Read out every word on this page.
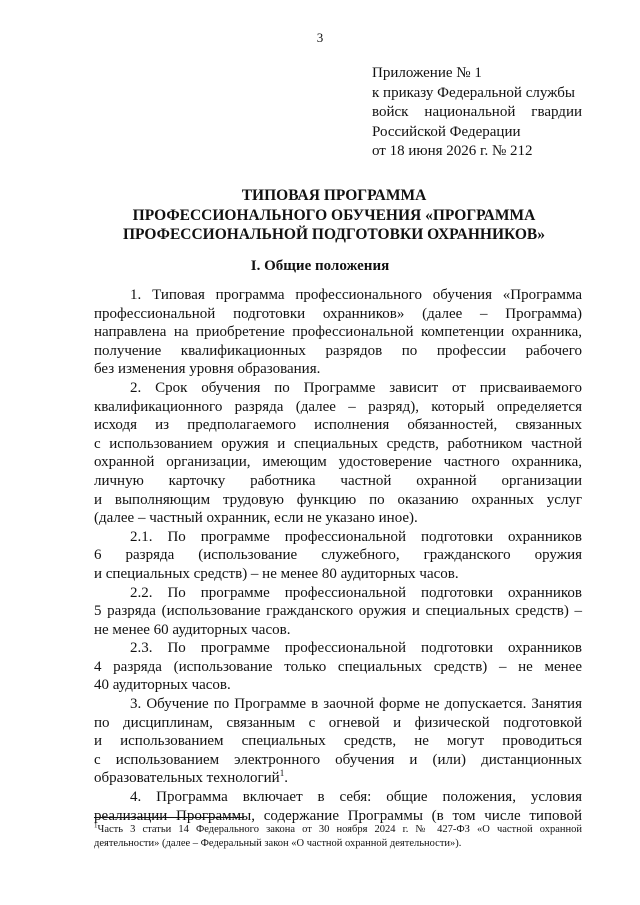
3
Приложение № 1
к приказу Федеральной службы
войск национальной гвардии
Российской Федерации
от 18 июня 2026 г. № 212
ТИПОВАЯ ПРОГРАММА
ПРОФЕССИОНАЛЬНОГО ОБУЧЕНИЯ «ПРОГРАММА
ПРОФЕССИОНАЛЬНОЙ ПОДГОТОВКИ ОХРАННИКОВ»
I. Общие положения
1. Типовая программа профессионального обучения «Программа
профессиональной подготовки охранников» (далее – Программа)
направлена на приобретение профессиональной компетенции охранника,
получение квалификационных разрядов по профессии рабочего
без изменения уровня образования.
2. Срок обучения по Программе зависит от присваиваемого
квалификационного разряда (далее – разряд), который определяется
исходя из предполагаемого исполнения обязанностей, связанных
с использованием оружия и специальных средств, работником частной
охранной организации, имеющим удостоверение частного охранника,
личную карточку работника частной охранной организации
и выполняющим трудовую функцию по оказанию охранных услуг
(далее – частный охранник, если не указано иное).
2.1. По программе профессиональной подготовки охранников
6 разряда (использование служебного, гражданского оружия
и специальных средств) – не менее 80 аудиторных часов.
2.2. По программе профессиональной подготовки охранников
5 разряда (использование гражданского оружия и специальных средств) –
не менее 60 аудиторных часов.
2.3. По программе профессиональной подготовки охранников
4 разряда (использование только специальных средств) – не менее
40 аудиторных часов.
3. Обучение по Программе в заочной форме не допускается. Занятия
по дисциплинам, связанным с огневой и физической подготовкой
и использованием специальных средств, не могут проводиться
с использованием электронного обучения и (или) дистанционных
образовательных технологий$^1$.
4. Программа включает в себя: общие положения, условия
реализации Программы, содержание Программы (в том числе типовой
$^1$Часть 3 статьи 14 Федерального закона от 30 ноября 2024 г. № 427-ФЗ «О частной охранной
деятельности» (далее – Федеральный закон «О частной охранной деятельности»).
